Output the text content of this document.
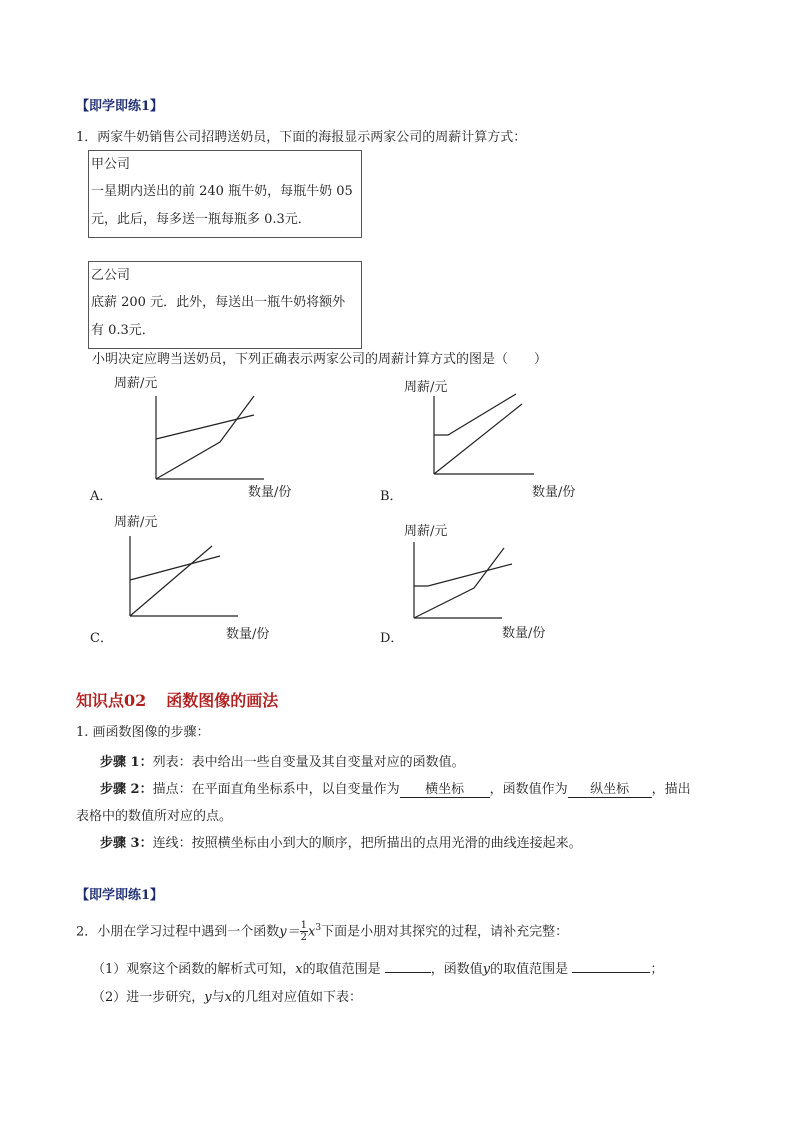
【即学即练1】
1．两家牛奶销售公司招聘送奶员，下面的海报显示两家公司的周薪计算方式：
甲公司
一星期内送出的前 240 瓶牛奶，每瓶牛奶 05
元，此后，每多送一瓶每瓶多 0.3元．
乙公司
底薪 200 元．此外，每送出一瓶牛奶将额外
有 0.3元．
小明决定应聘当送奶员，下列正确表示两家公司的周薪计算方式的图是（　　）
周薪/元
数量/份
A．
周薪/元
数量/份
B．
周薪/元
数量/份
C．
周薪/元
数量/份
D．
知识点02 函数图像的画法
1. 画函数图像的步骤：
步骤 1：列表：表中给出一些自变量及其自变量对应的函数值。
步骤 2：描点：在平面直角坐标系中，以自变量作为 横坐标 ，函数值作为 纵坐标 ，描出
表格中的数值所对应的点。
步骤 3：连线：按照横坐标由小到大的顺序，把所描出的点用光滑的曲线连接起来。
【即学即练1】
2．小朋在学习过程中遇到一个函数$y= \frac{1}{2} x^3$下面是小朋对其探究的过程，请补充完整：
（1）观察这个函数的解析式可知，x的取值范围是	，函数值y的取值范围是	；
（2）进一步研究，y与x的几组对应值如下表：
